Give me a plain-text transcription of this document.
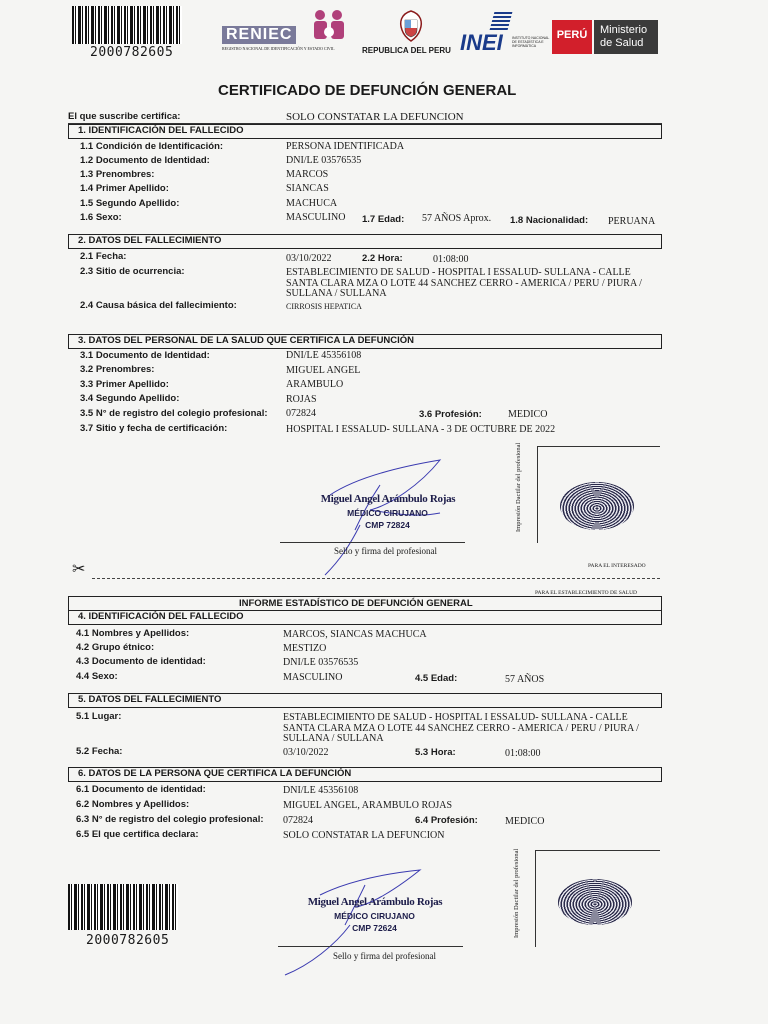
2000782605
RENIEC
REGISTRO NACIONAL DE IDENTIFICACIÓN Y ESTADO CIVIL	REPUBLICA DEL PERU INEI	INSTITUTO NACIONAL DE ESTADÍSTICA E INFORMÁTICA
PERÚ	Ministerio de Salud
CERTIFICADO DE DEFUNCIÓN GENERAL
El que suscribe certifica:	SOLO CONSTATAR LA DEFUNCION
1. IDENTIFICACIÓN DEL FALLECIDO
1.1 Condición de Identificación:	PERSONA IDENTIFICADA
1.2 Documento de Identidad:	DNI/LE 03576535
1.3 Prenombres:	MARCOS
1.4 Primer Apellido:	SIANCAS
1.5 Segundo Apellido:	MACHUCA
1.6 Sexo:	MASCULINO 1.7 Edad: 57 AÑOS Aprox. 1.8 Nacionalidad: PERUANA
2. DATOS DEL FALLECIMIENTO
2.1 Fecha:	03/10/2022	2.2 Hora:	01:08:00
2.3 Sitio de ocurrencia:	ESTABLECIMIENTO DE SALUD - HOSPITAL I ESSALUD- SULLANA - CALLE SANTA CLARA MZA O LOTE 44 SANCHEZ CERRO - AMERICA / PERU / PIURA / SULLANA / SULLANA
2.4 Causa básica del fallecimiento:	CIRROSIS HEPATICA
3. DATOS DEL PERSONAL DE LA SALUD QUE CERTIFICA LA DEFUNCIÓN
3.1 Documento de Identidad:	DNI/LE 45356108
3.2 Prenombres:	MIGUEL ANGEL
3.3 Primer Apellido:	ARAMBULO
3.4 Segundo Apellido:	ROJAS
3.5 N° de registro del colegio profesional: 072824	3.6 Profesión:	MEDICO
3.7 Sitio y fecha de certificación:	HOSPITAL I ESSALUD- SULLANA - 3 DE OCTUBRE DE 2022
Miguel Angel Arámbulo Rojas
MÉDICO CIRUJANO
CMP 72824
Sello y firma del profesional
Impresión Dactilar del profesional
✂	PARA EL INTERESADO
PARA EL ESTABLECIMIENTO DE SALUD
INFORME ESTADÍSTICO DE DEFUNCIÓN GENERAL
4. IDENTIFICACIÓN DEL FALLECIDO
4.1 Nombres y Apellidos:	MARCOS, SIANCAS MACHUCA
4.2 Grupo étnico:	MESTIZO
4.3 Documento de identidad:	DNI/LE 03576535
4.4 Sexo:	MASCULINO	4.5 Edad:	57 AÑOS
5. DATOS DEL FALLECIMIENTO
5.1 Lugar:	ESTABLECIMIENTO DE SALUD - HOSPITAL I ESSALUD- SULLANA - CALLE SANTA CLARA MZA O LOTE 44 SANCHEZ CERRO - AMERICA / PERU / PIURA / SULLANA / SULLANA
5.2 Fecha:	03/10/2022	5.3 Hora:	01:08:00
6. DATOS DE LA PERSONA QUE CERTIFICA LA DEFUNCIÓN
6.1 Documento de identidad:	DNI/LE 45356108
6.2 Nombres y Apellidos:	MIGUEL ANGEL, ARAMBULO ROJAS
6.3 N° de registro del colegio profesional: 072824	6.4 Profesión:	MEDICO
6.5 El que certifica declara:	SOLO CONSTATAR LA DEFUNCION
2000782605
Miguel Angel Arámbulo Rojas
MÉDICO CIRUJANO
CMP 72624
Sello y firma del profesional
Impresión Dactilar del profesional
